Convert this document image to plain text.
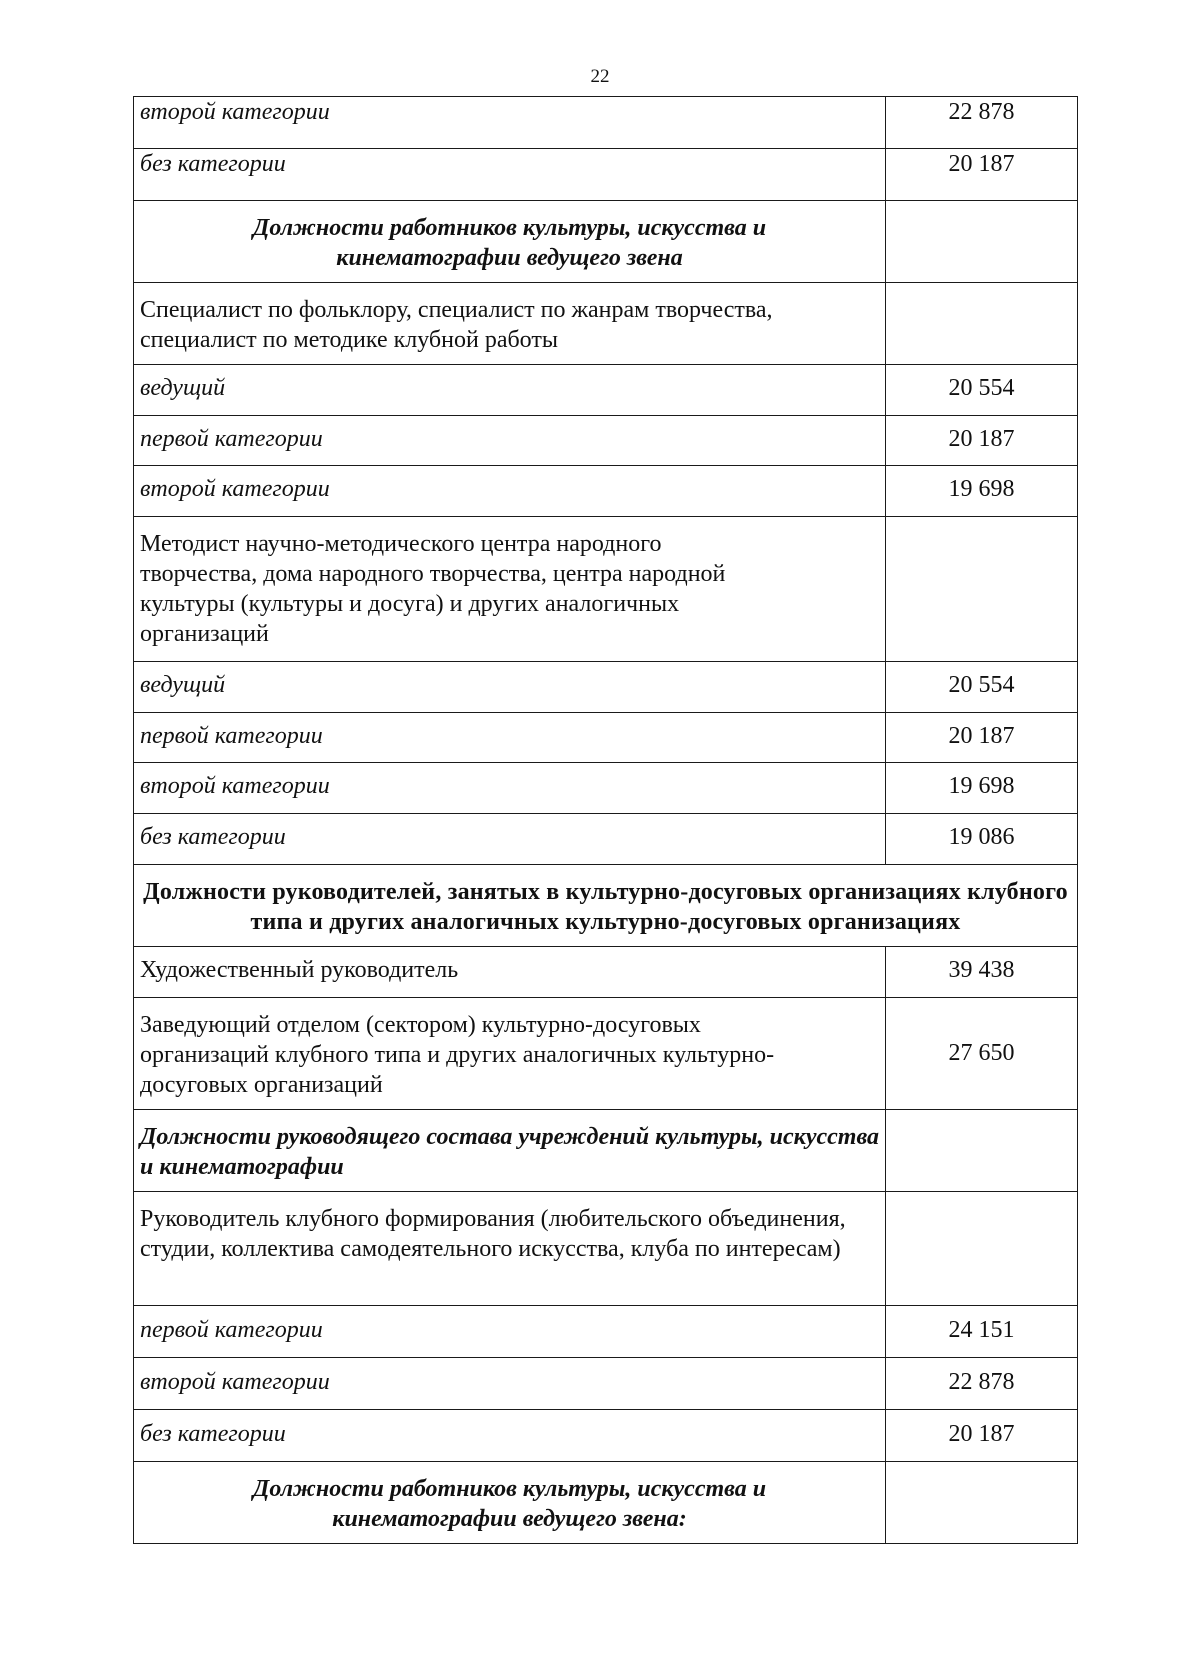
22
второй категории	22 878
без категории	20 187
Должности работников культуры, искусства и кинематографии ведущего звена	
Специалист по фольклору, специалист по жанрам творчества, специалист по методике клубной работы	
ведущий	20 554
первой категории	20 187
второй категории	19 698
Методист научно-методического центра народного творчества, дома народного творчества, центра народной культуры (культуры и досуга) и других аналогичных организаций	
ведущий	20 554
первой категории	20 187
второй категории	19 698
без категории	19 086
Должности руководителей, занятых в культурно-досуговых организациях клубного типа и других аналогичных культурно-досуговых организациях	
Художественный руководитель	39 438
Заведующий отделом (сектором) культурно-досуговых организаций клубного типа и других аналогичных культурно-досуговых организаций	27 650
Должности руководящего состава учреждений культуры, искусства и кинематографии	
Руководитель клубного формирования (любительского объединения, студии, коллектива самодеятельного искусства, клуба по интересам)	
первой категории	24 151
второй категории	22 878
без категории	20 187
Должности работников культуры, искусства и кинематографии ведущего звена:	
